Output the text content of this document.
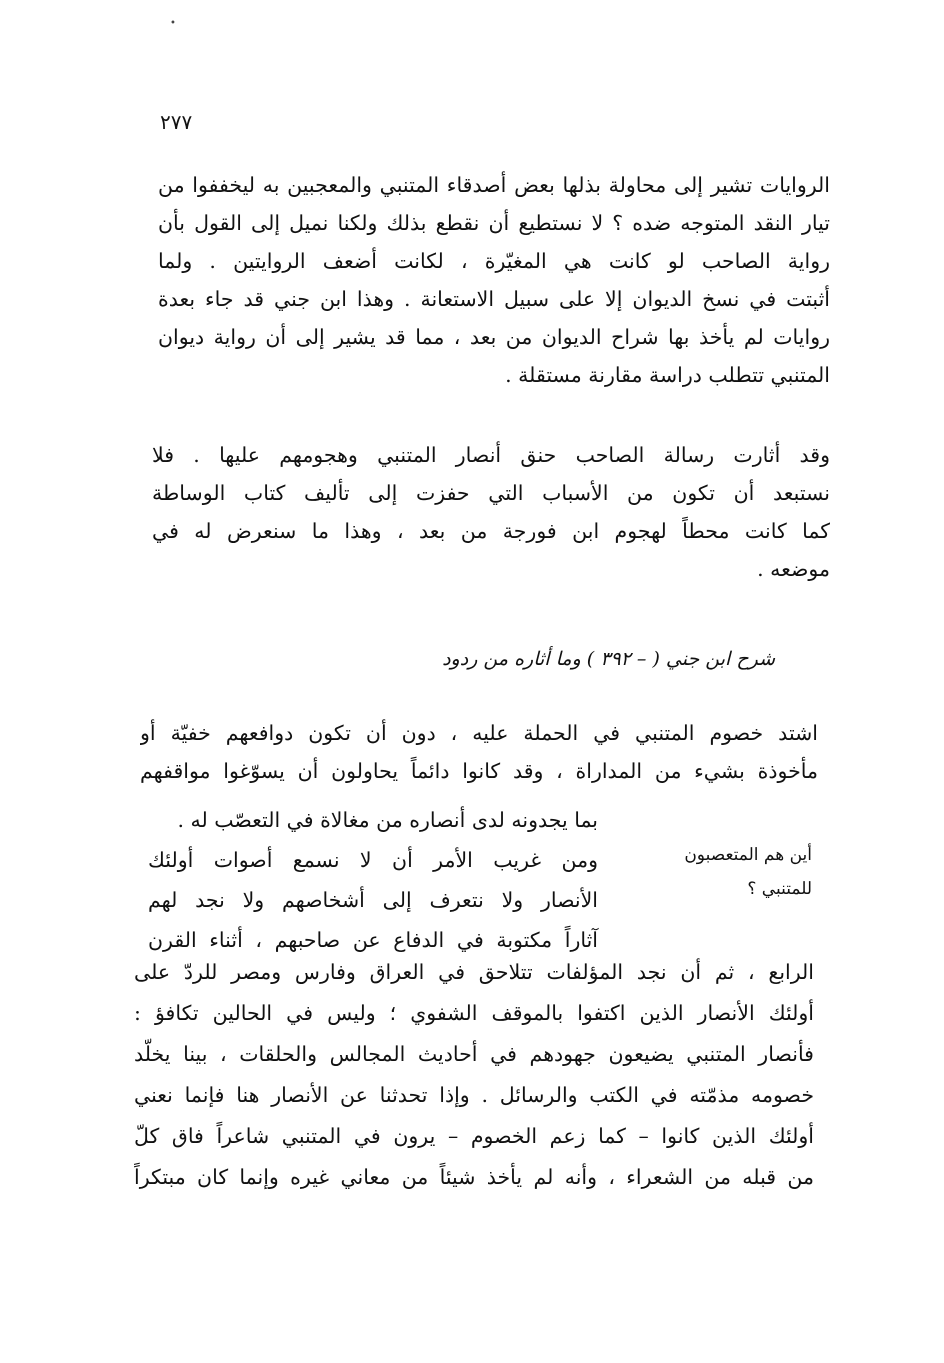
•
٢٧٧
الروايات تشير إلى محاولة بذلها بعض أصدقاء المتنبي والمعجبين به ليخففوا من
تيار النقد المتوجه ضده ؟ لا نستطيع أن نقطع بذلك ولكنا نميل إلى القول بأن
رواية الصاحب لو كانت هي المغيّرة ، لكانت أضعف الروايتين . ولما
أثبتت في نسخ الديوان إلا على سبيل الاستعانة . وهذا ابن جني قد جاء بعدة
روايات لم يأخذ بها شراح الديوان من بعد ، مما قد يشير إلى أن رواية ديوان
المتنبي تتطلب دراسة مقارنة مستقلة .
وقد أثارت رسالة الصاحب حنق أنصار المتنبي وهجومهم عليها . فلا
نستبعد أن تكون من الأسباب التي حفزت إلى تأليف كتاب الوساطة
كما كانت محطاً لهجوم ابن فورجة من بعد ، وهذا ما سنعرض له في
موضعه .
شرح ابن جني ( – ٣٩٢ ) وما أثاره من ردود
اشتد خصوم المتنبي في الحملة عليه ، دون أن تكون دوافعهم خفيّة أو
مأخوذة بشيء من المداراة ، وقد كانوا دائماً يحاولون أن يسوّغوا مواقفهم
بما يجدونه لدى أنصاره من مغالاة في التعصّب له .
ومن غريب الأمر أن لا نسمع أصوات أولئك
الأنصار ولا نتعرف إلى أشخاصهم ولا نجد لهم
آثاراً مكتوبة في الدفاع عن صاحبهم ، أثناء القرن
أين هم المتعصبون
للمتنبي ؟
الرابع ، ثم أن نجد المؤلفات تتلاحق في العراق وفارس ومصر للردّ على
أولئك الأنصار الذين اكتفوا بالموقف الشفوي ؛ وليس في الحالين تكافؤ :
فأنصار المتنبي يضيعون جهودهم في أحاديث المجالس والحلقات ، بينا يخلّد
خصومه مذمّته في الكتب والرسائل . وإذا تحدثنا عن الأنصار هنا فإنما نعني
أولئك الذين كانوا – كما زعم الخصوم – يرون في المتنبي شاعراً فاق كلّ
من قبله من الشعراء ، وأنه لم يأخذ شيئاً من معاني غيره وإنما كان مبتكراً
